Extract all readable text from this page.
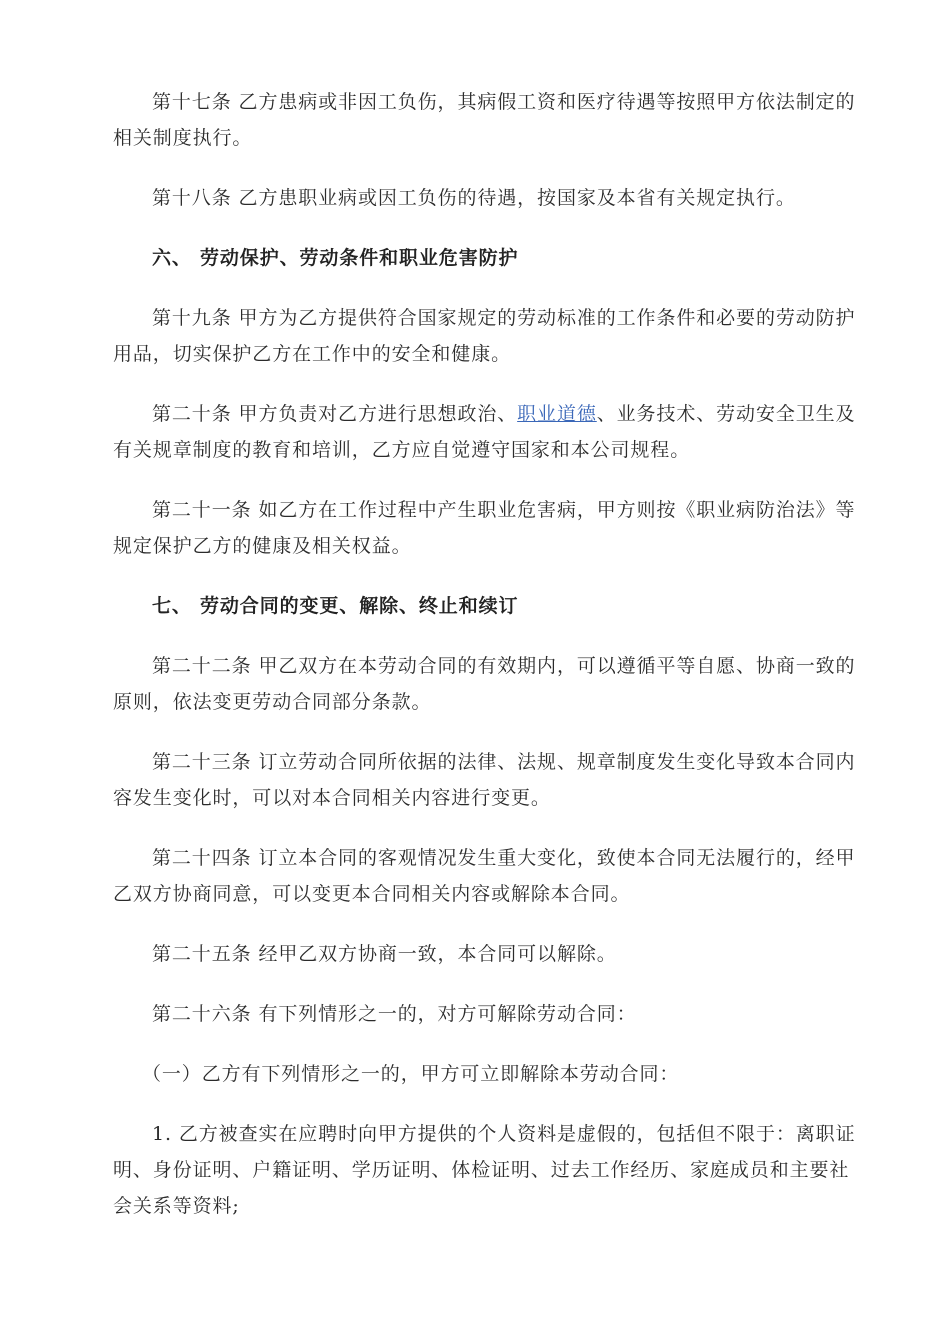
第十七条 乙方患病或非因工负伤，其病假工资和医疗待遇等按照甲方依法制定的
相关制度执行。
第十八条 乙方患职业病或因工负伤的待遇，按国家及本省有关规定执行。
六、 劳动保护、劳动条件和职业危害防护
第十九条 甲方为乙方提供符合国家规定的劳动标准的工作条件和必要的劳动防护
用品，切实保护乙方在工作中的安全和健康。
第二十条 甲方负责对乙方进行思想政治、职业道德、业务技术、劳动安全卫生及
有关规章制度的教育和培训，乙方应自觉遵守国家和本公司规程。
第二十一条 如乙方在工作过程中产生职业危害病，甲方则按《职业病防治法》等
规定保护乙方的健康及相关权益。
七、 劳动合同的变更、解除、终止和续订
第二十二条 甲乙双方在本劳动合同的有效期内，可以遵循平等自愿、协商一致的
原则，依法变更劳动合同部分条款。
第二十三条 订立劳动合同所依据的法律、法规、规章制度发生变化导致本合同内
容发生变化时，可以对本合同相关内容进行变更。
第二十四条 订立本合同的客观情况发生重大变化，致使本合同无法履行的，经甲
乙双方协商同意，可以变更本合同相关内容或解除本合同。
第二十五条 经甲乙双方协商一致，本合同可以解除。
第二十六条 有下列情形之一的，对方可解除劳动合同：
（一）乙方有下列情形之一的，甲方可立即解除本劳动合同：
1. 乙方被查实在应聘时向甲方提供的个人资料是虚假的，包括但不限于：离职证
明、身份证明、户籍证明、学历证明、体检证明、过去工作经历、家庭成员和主要社
会关系等资料;
